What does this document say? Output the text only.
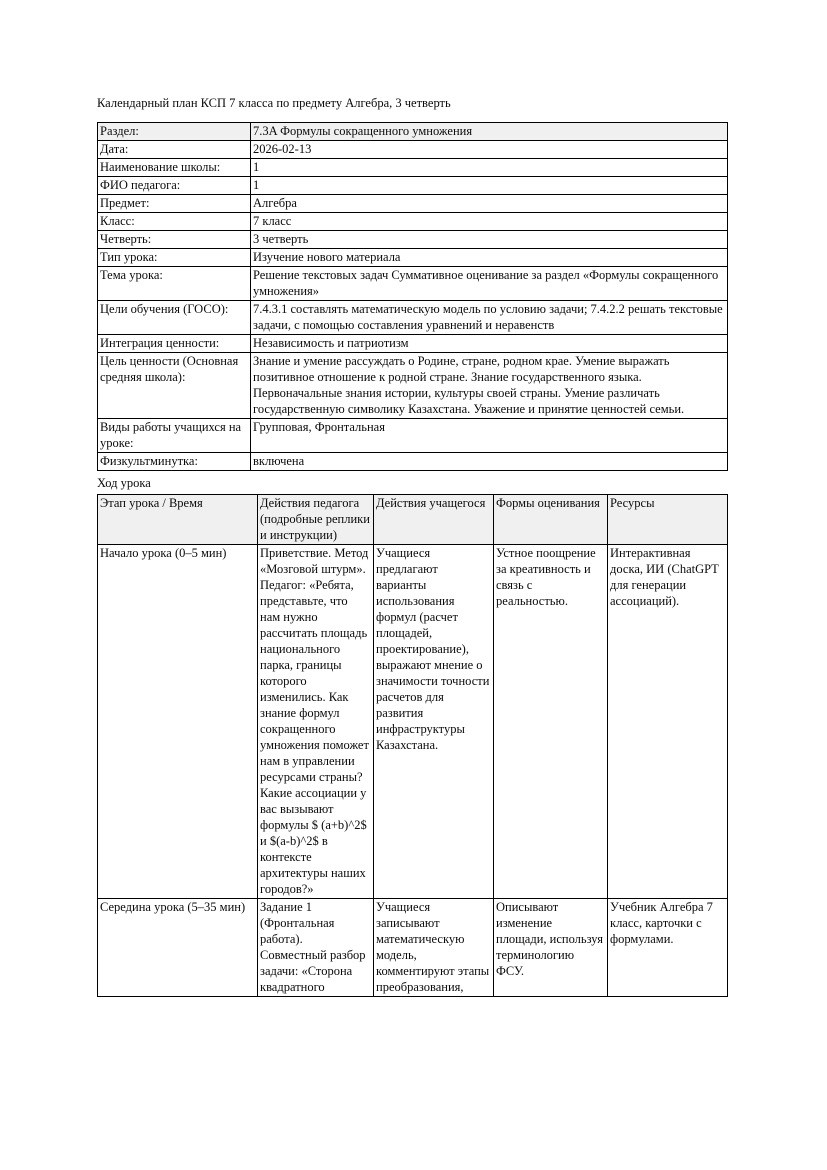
Календарный план КСП 7 класса по предмету Алгебра, 3 четверть

Раздел:	7.3A Формулы сокращенного умножения
Дата:	2026-02-13
Наименование школы:	1
ФИО педагога:	1
Предмет:	Алгебра
Класс:	7 класс
Четверть:	3 четверть
Тип урока:	Изучение нового материала
Тема урока:	Решение текстовых задач Суммативное оценивание за раздел «Формулы сокращенного умножения»
Цели обучения (ГОСО):	7.4.3.1 составлять математическую модель по условию задачи; 7.4.2.2 решать текстовые задачи, с помощью составления уравнений и неравенств
Интеграция ценности:	Независимость и патриотизм
Цель ценности (Основная средняя школа):	Знание и умение рассуждать о Родине, стране, родном крае. Умение выражать позитивное отношение к родной стране. Знание государственного языка. Первоначальные знания истории, культуры своей страны. Умение различать государственную символику Казахстана. Уважение и принятие ценностей семьи.
Виды работы учащихся на уроке:	Групповая, Фронтальная
Физкультминутка:	включена

Ход урока

Этап урока / Время	Действия педагога (подробные реплики и инструкции)	Действия учащегося	Формы оценивания	Ресурсы
Начало урока (0–5 мин)	Приветствие. Метод «Мозговой штурм». Педагог: «Ребята, представьте, что нам нужно рассчитать площадь национального парка, границы которого изменились. Как знание формул сокращенного умножения поможет нам в управлении ресурсами страны? Какие ассоциации у вас вызывают формулы $ (a+b)^2$ и $(a-b)^2$ в контексте архитектуры наших городов?»	Учащиеся предлагают варианты использования формул (расчет площадей, проектирование), выражают мнение о значимости точности расчетов для развития инфраструктуры Казахстана.	Устное поощрение за креативность и связь с реальностью.	Интерактивная доска, ИИ (ChatGPT для генерации ассоциаций).
Середина урока (5–35 мин)	Задание 1 (Фронтальная работа). Совместный разбор задачи: «Сторона квадратного	Учащиеся записывают математическую модель, комментируют этапы преобразования,	Описывают изменение площади, используя терминологию ФСУ.	Учебник Алгебра 7 класс, карточки с формулами.
